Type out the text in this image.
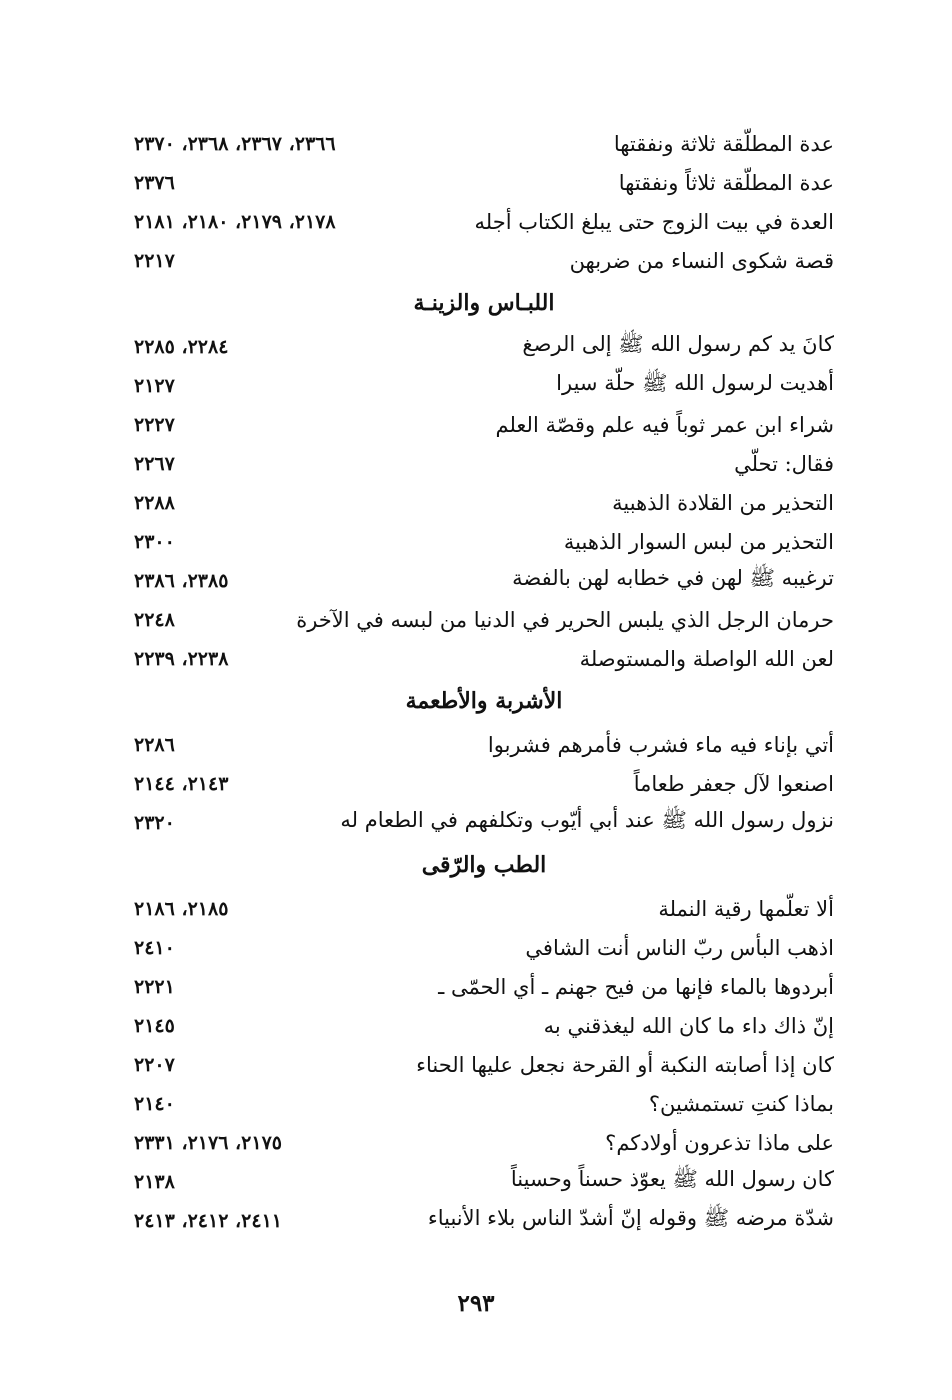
عدة المطلّقة ثلاثة ونفقتها
٢٣٦٦، ٢٣٦٧، ٢٣٦٨، ٢٣٧٠
عدة المطلّقة ثلاثاً ونفقتها
٢٣٧٦
العدة في بيت الزوج حتى يبلغ الكتاب أجله
٢١٧٨، ٢١٧٩، ٢١٨٠، ٢١٨١
قصة شكوى النساء من ضربهن
٢٢١٧
اللبـاس والزينـة
كانَ يد كم رسول الله ﷺ إلى الرصغ
٢٢٨٤، ٢٢٨٥
أهديت لرسول الله ﷺ حلّة سيرا
٢١٢٧
شراء ابن عمر ثوباً فيه علم وقصّة العلم
٢٢٢٧
فقال: تحلّي
٢٢٦٧
التحذير من القلادة الذهبية
٢٢٨٨
التحذير من لبس السوار الذهبية
٢٣٠٠
ترغيبه ﷺ لهن في خطابه لهن بالفضة
٢٣٨٥، ٢٣٨٦
حرمان الرجل الذي يلبس الحرير في الدنيا من لبسه في الآخرة
٢٢٤٨
لعن الله الواصلة والمستوصلة
٢٢٣٨، ٢٢٣٩
الأشربة والأطعمة
أتي بإناء فيه ماء فشرب فأمرهم فشربوا
٢٢٨٦
اصنعوا لآل جعفر طعاماً
٢١٤٣، ٢١٤٤
نزول رسول الله ﷺ عند أبي أيّوب وتكلفهم في الطعام له
٢٣٢٠
الطب والرّقى
ألا تعلّمها رقية النملة
٢١٨٥، ٢١٨٦
اذهب البأس ربّ الناس أنت الشافي
٢٤١٠
أبردوها بالماء فإنها من فيح جهنم ـ أي الحمّى ـ
٢٢٢١
إنّ ذاك داء ما كان الله ليغذقني به
٢١٤٥
كان إذا أصابته النكبة أو القرحة نجعل عليها الحناء
٢٢٠٧
بماذا كنتِ تستمشين؟
٢١٤٠
على ماذا تذعرون أولادكم؟
٢١٧٥، ٢١٧٦، ٢٣٣١
كان رسول الله ﷺ يعوّذ حسناً وحسيناً
٢١٣٨
شدّة مرضه ﷺ وقوله إنّ أشدّ الناس بلاء الأنبياء
٢٤١١، ٢٤١٢، ٢٤١٣
٢٩٣
